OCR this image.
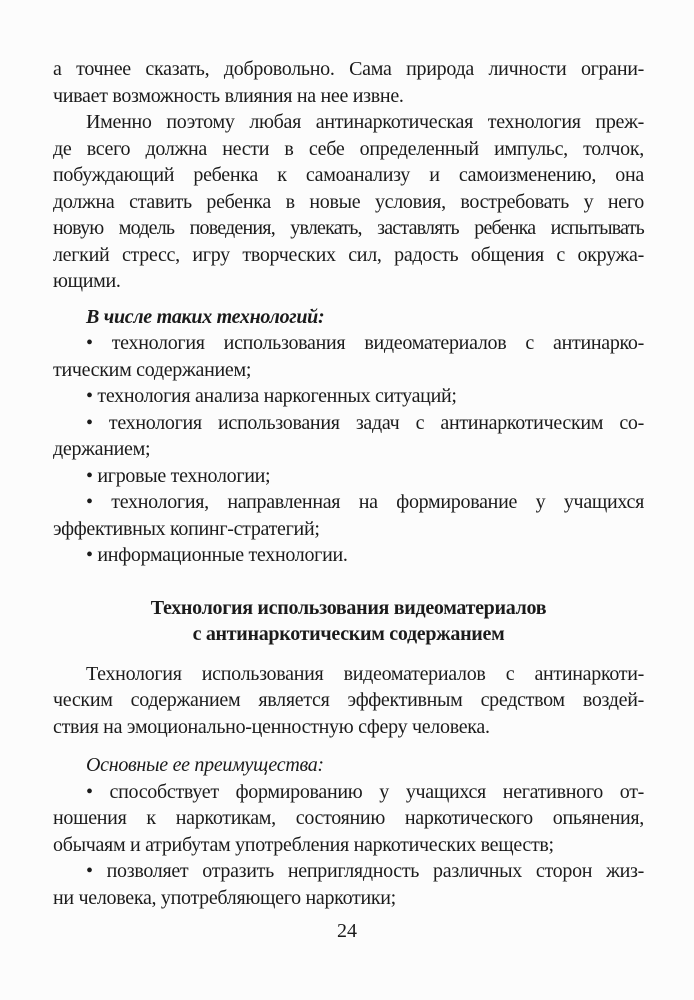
а точнее сказать, добровольно. Сама природа личности ограни-
чивает возможность влияния на нее извне.
Именно поэтому любая антинаркотическая технология преж-
де всего должна нести в себе определенный импульс, толчок,
побуждающий ребенка к самоанализу и самоизменению, она
должна ставить ребенка в новые условия, востребовать у него
новую модель поведения, увлекать, заставлять ребенка испытывать
легкий стресс, игру творческих сил, радость общения с окружа-
ющими.
В числе таких технологий:
• технология использования видеоматериалов с антинарко-
тическим содержанием;
• технология анализа наркогенных ситуаций;
• технология использования задач с антинаркотическим со-
держанием;
• игровые технологии;
• технология, направленная на формирование у учащихся
эффективных копинг-стратегий;
• информационные технологии.
Технология использования видеоматериалов
с антинаркотическим содержанием
Технология использования видеоматериалов с антинаркоти-
ческим содержанием является эффективным средством воздей-
ствия на эмоционально-ценностную сферу человека.
Основные ее преимущества:
• способствует формированию у учащихся негативного от-
ношения к наркотикам, состоянию наркотического опьянения,
обычаям и атрибутам употребления наркотических веществ;
• позволяет отразить неприглядность различных сторон жиз-
ни человека, употребляющего наркотики;
24
